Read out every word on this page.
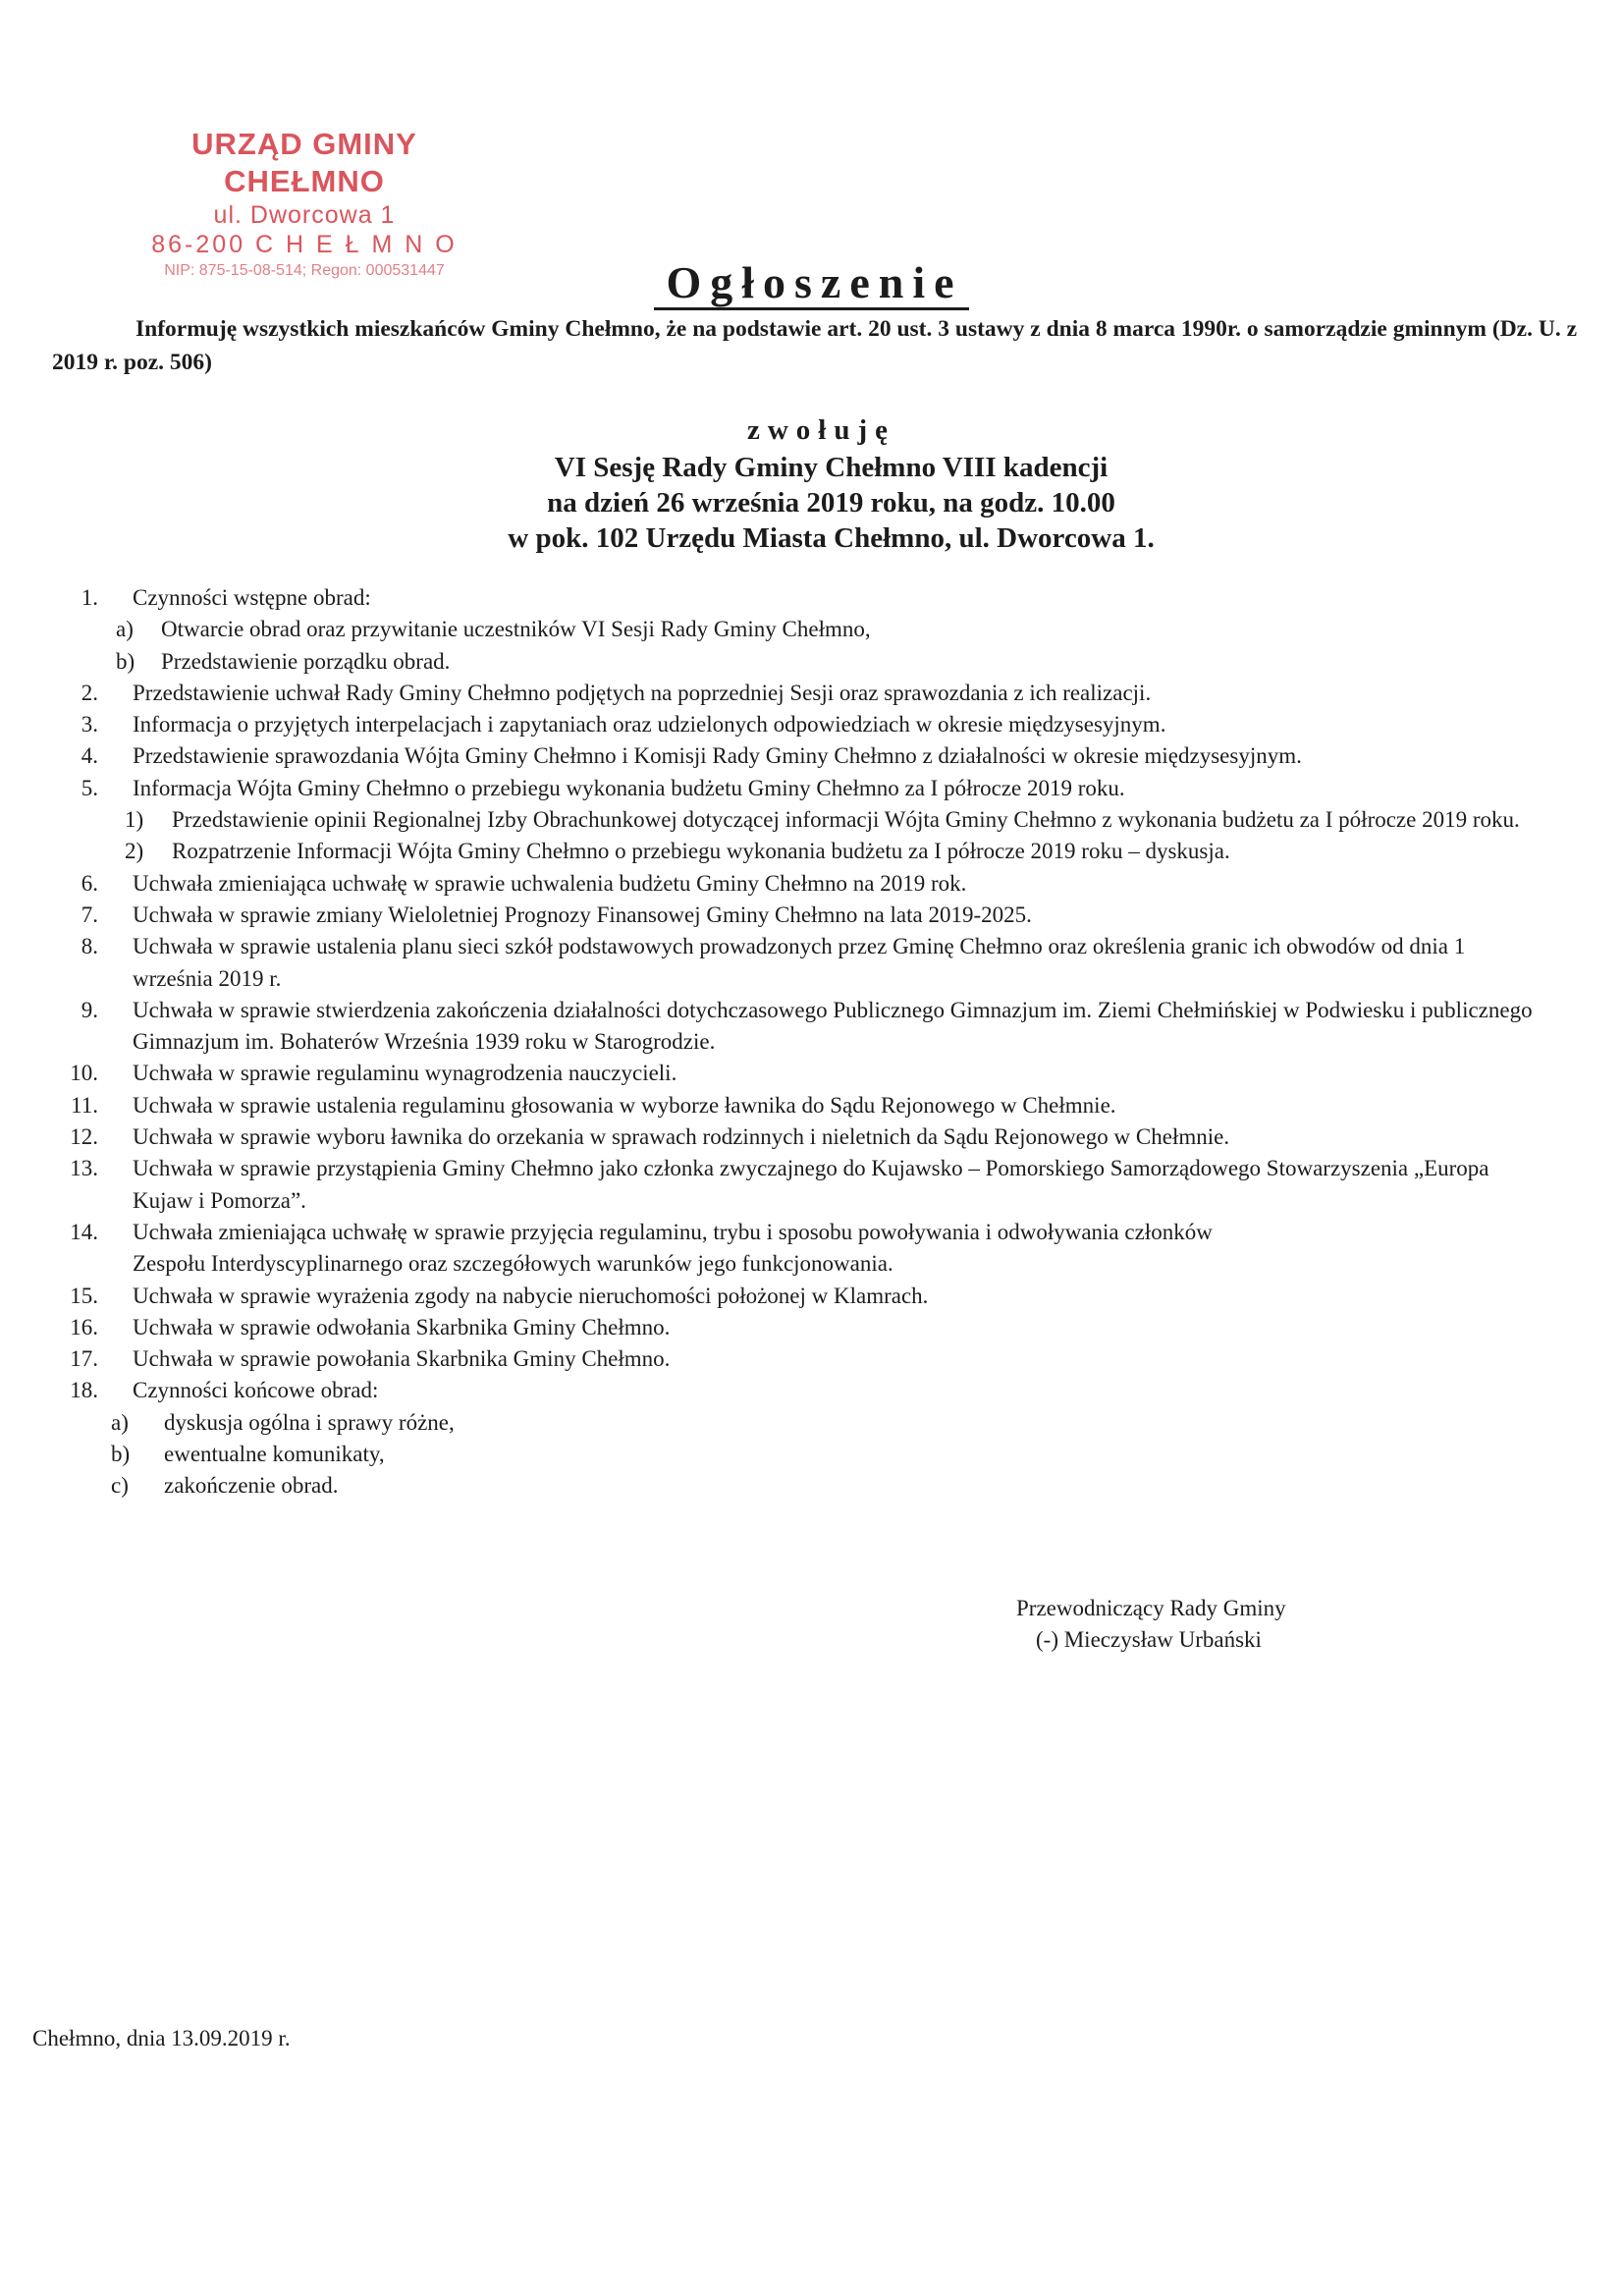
URZĄD GMINY CHEŁMNO
ul. Dworcowa 1
86-200 C H E Ł M N O
NIP: 875-15-08-514; Regon: 000531447	Ogłoszenie
Informuję wszystkich mieszkańców Gminy Chełmno, że na podstawie art. 20 ust. 3 ustawy z dnia 8 marca 1990r. o samorządzie gminnym (Dz. U. z 2019 r. poz. 506)
zwołuję
VI Sesję Rady Gminy Chełmno VIII kadencji
na dzień 26 września 2019 roku, na godz. 10.00
w pok. 102 Urzędu Miasta Chełmno, ul. Dworcowa 1.
1. Czynności wstępne obrad:
a) Otwarcie obrad oraz przywitanie uczestników VI Sesji Rady Gminy Chełmno,
b) Przedstawienie porządku obrad.
2. Przedstawienie uchwał Rady Gminy Chełmno podjętych na poprzedniej Sesji oraz sprawozdania z ich realizacji.
3. Informacja o przyjętych interpelacjach i zapytaniach oraz udzielonych odpowiedziach w okresie międzysesyjnym.
4. Przedstawienie sprawozdania Wójta Gminy Chełmno i Komisji Rady Gminy Chełmno z działalności w okresie międzysesyjnym.
5. Informacja Wójta Gminy Chełmno o przebiegu wykonania budżetu Gminy Chełmno za I półrocze 2019 roku.
1)	Przedstawienie opinii Regionalnej Izby Obrachunkowej dotyczącej informacji Wójta Gminy Chełmno z wykonania budżetu za I półrocze 2019 roku.
2)	Rozpatrzenie Informacji Wójta Gminy Chełmno o przebiegu wykonania budżetu za I półrocze 2019 roku – dyskusja.
6. Uchwała zmieniająca uchwałę w sprawie uchwalenia budżetu Gminy Chełmno na 2019 rok.
7. Uchwała w sprawie zmiany Wieloletniej Prognozy Finansowej Gminy Chełmno na lata 2019-2025.
8. Uchwała w sprawie ustalenia planu sieci szkół podstawowych prowadzonych przez Gminę Chełmno oraz określenia granic ich obwodów od dnia 1 września 2019 r.
9. Uchwała w sprawie stwierdzenia zakończenia działalności dotychczasowego Publicznego Gimnazjum im. Ziemi Chełmińskiej w Podwiesku i publicznego Gimnazjum im. Bohaterów Września 1939 roku w Starogrodzie.
10. Uchwała w sprawie regulaminu wynagrodzenia nauczycieli.
11. Uchwała w sprawie ustalenia regulaminu głosowania w wyborze ławnika do Sądu Rejonowego w Chełmnie.
12. Uchwała w sprawie wyboru ławnika do orzekania w sprawach rodzinnych i nieletnich da Sądu Rejonowego w Chełmnie.
13. Uchwała w sprawie przystąpienia Gminy Chełmno jako członka zwyczajnego do Kujawsko – Pomorskiego Samorządowego Stowarzyszenia „Europa Kujaw i Pomorza”.
14. Uchwała zmieniająca uchwałę w sprawie przyjęcia regulaminu, trybu i sposobu powoływania i odwoływania członków Zespołu Interdyscyplinarnego oraz szczegółowych warunków jego funkcjonowania.
15. Uchwała w sprawie wyrażenia zgody na nabycie nieruchomości położonej w Klamrach.
16. Uchwała w sprawie odwołania Skarbnika Gminy Chełmno.
17. Uchwała w sprawie powołania Skarbnika Gminy Chełmno.
18. Czynności końcowe obrad:
a) dyskusja ogólna i sprawy różne,
b) ewentualne komunikaty,
c) zakończenie obrad.
Przewodniczący Rady Gminy
(-) Mieczysław Urbański
Chełmno, dnia 13.09.2019 r.
